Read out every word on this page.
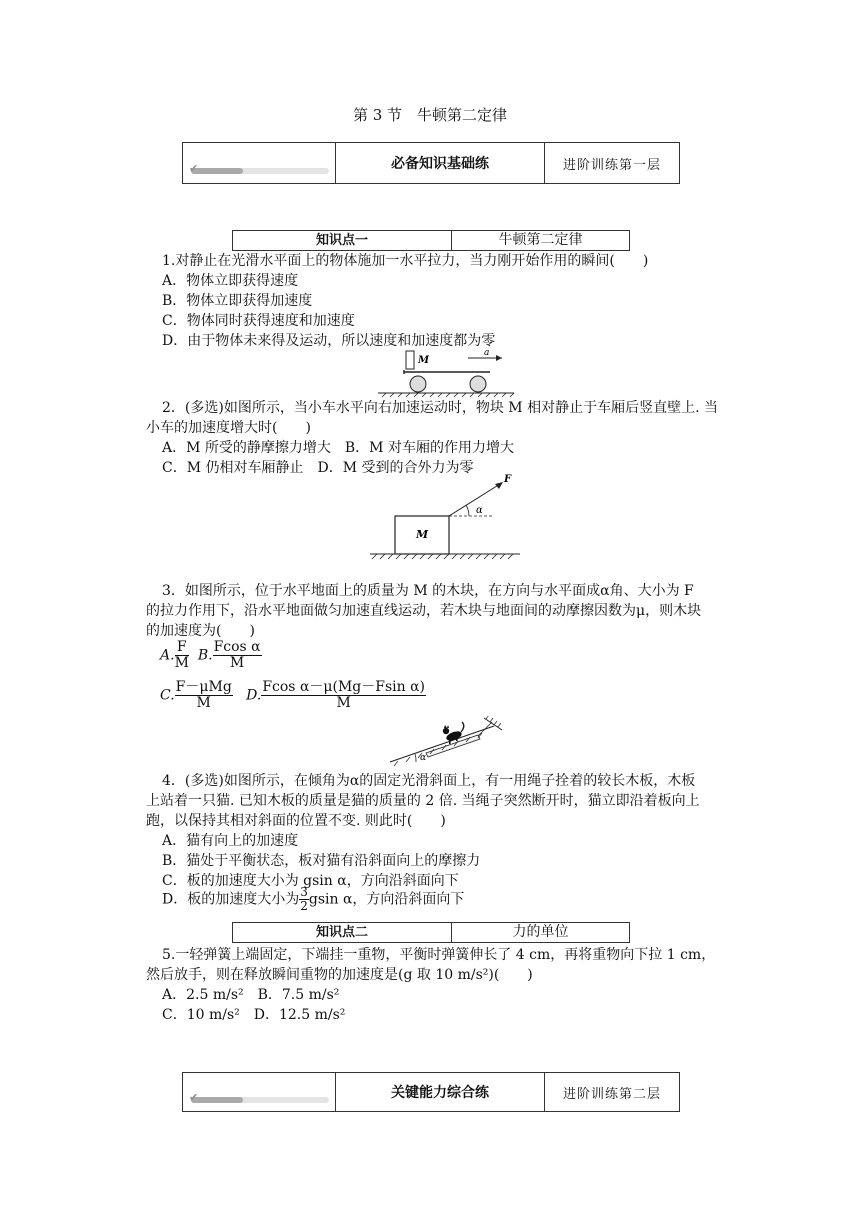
第 3 节　牛顿第二定律
✔	必备知识基础练	进阶训练第一层
知识点一	牛顿第二定律
1.对静止在光滑水平面上的物体施加一水平拉力，当力刚开始作用的瞬间(　　)
A．物体立即获得速度
B．物体立即获得加速度
C．物体同时获得速度和加速度
D．由于物体未来得及运动，所以速度和加速度都为零
M
a
2．(多选)如图所示，当小车水平向右加速运动时，物块 M 相对静止于车厢后竖直壁上. 当
小车的加速度增大时(　　)
A．M 所受的静摩擦力增大　B．M 对车厢的作用力增大
C．M 仍相对车厢静止　D．M 受到的合外力为零
M
F
α
3．如图所示，位于水平地面上的质量为 M 的木块，在方向与水平面成α角、大小为 F
的拉力作用下，沿水平地面做匀加速直线运动，若木块与地面间的动摩擦因数为μ，则木块
的加速度为(　　)
A. $\frac{F}{M} B$. $\frac{\text{Fcos α}}{M}$
C. $\frac{\text{F－μMg}}{M} D$. $\frac{\text{Fcos α－μ(Mg－Fsin α)}}{M}$
α
4．(多选)如图所示，在倾角为α的固定光滑斜面上，有一用绳子拴着的较长木板，木板
上站着一只猫. 已知木板的质量是猫的质量的 2 倍. 当绳子突然断开时，猫立即沿着板向上
跑，以保持其相对斜面的位置不变. 则此时(　　)
A．猫有向上的加速度
B．猫处于平衡状态，板对猫有沿斜面向上的摩擦力
C．板的加速度大小为 gsin α，方向沿斜面向下
D．板的加速度大小为 $\frac{3}{2}$ gsin α，方向沿斜面向下
知识点二	力的单位
5.一轻弹簧上端固定，下端挂一重物，平衡时弹簧伸长了 4 cm，再将重物向下拉 1 cm，
然后放手，则在释放瞬间重物的加速度是(g 取 10 m/s²)(　　)
A．2.5 m/s²　B．7.5 m/s²
C．10 m/s²　D．12.5 m/s²
✔	关键能力综合练	进阶训练第二层
